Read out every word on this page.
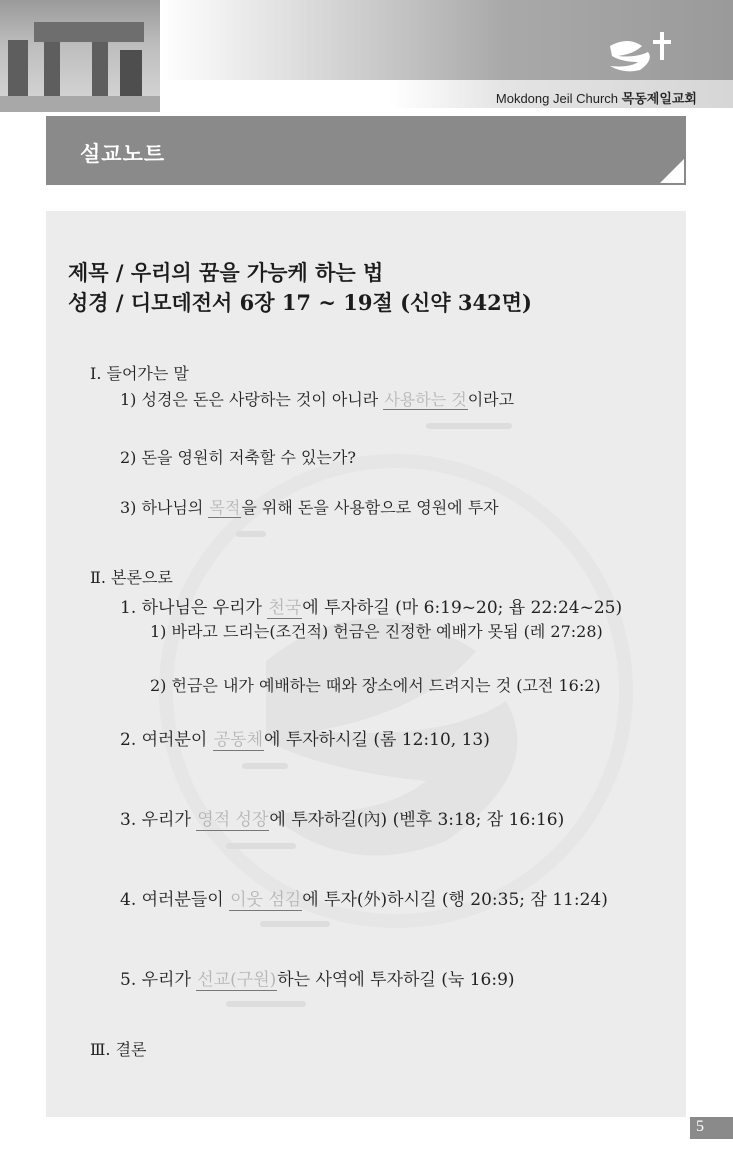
Mokdong Jeil Church 목동제일교회
설교노트
제목 / 우리의 꿈을 가능케 하는 법
성경 / 디모데전서 6장 17 ~ 19절 (신약 342면)
Ⅰ. 들어가는 말
1) 성경은 돈은 사랑하는 것이 아니라 사용하는 것이라고
2) 돈을 영원히 저축할 수 있는가?
3) 하나님의 목적을 위해 돈을 사용함으로 영원에 투자
Ⅱ. 본론으로
1. 하나님은 우리가 천국에 투자하길 (마 6:19~20; 욥 22:24~25)
1) 바라고 드리는(조건적) 헌금은 진정한 예배가 못됨 (레 27:28)
2) 헌금은 내가 예배하는 때와 장소에서 드려지는 것 (고전 16:2)
2. 여러분이 공동체에 투자하시길 (롬 12:10, 13)
3. 우리가 영적 성장에 투자하길(內) (벧후 3:18; 잠 16:16)
4. 여러분들이 이웃 섬김에 투자(外)하시길 (행 20:35; 잠 11:24)
5. 우리가 선교(구원)하는 사역에 투자하길 (눅 16:9)
Ⅲ. 결론
5
